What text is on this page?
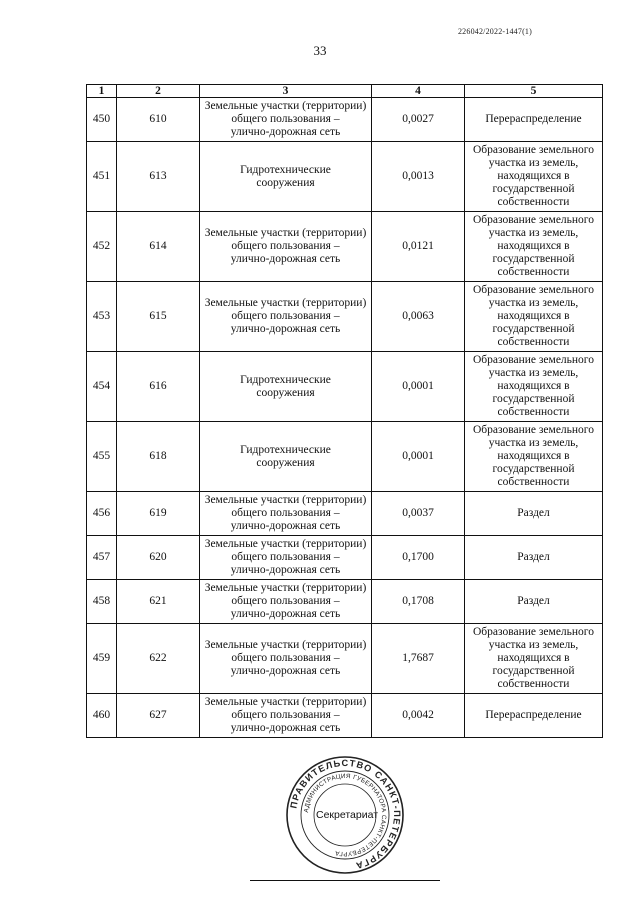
226042/2022-1447(1)
33
1	2	3	4	5
450	610	Земельные участки (территории)
общего пользования –
улично-дорожная сеть	0,0027	Перераспределение
451	613	Гидротехнические
сооружения	0,0013	Образование земельного
участка из земель,
находящихся в
государственной
собственности
452	614	Земельные участки (территории)
общего пользования –
улично-дорожная сеть	0,0121	Образование земельного
участка из земель,
находящихся в
государственной
собственности
453	615	Земельные участки (территории)
общего пользования –
улично-дорожная сеть	0,0063	Образование земельного
участка из земель,
находящихся в
государственной
собственности
454	616	Гидротехнические
сооружения	0,0001	Образование земельного
участка из земель,
находящихся в
государственной
собственности
455	618	Гидротехнические
сооружения	0,0001	Образование земельного
участка из земель,
находящихся в
государственной
собственности
456	619	Земельные участки (территории)
общего пользования –
улично-дорожная сеть	0,0037	Раздел
457	620	Земельные участки (территории)
общего пользования –
улично-дорожная сеть	0,1700	Раздел
458	621	Земельные участки (территории)
общего пользования –
улично-дорожная сеть	0,1708	Раздел
459	622	Земельные участки (территории)
общего пользования –
улично-дорожная сеть	1,7687	Образование земельного
участка из земель,
находящихся в
государственной
собственности
460	627	Земельные участки (территории)
общего пользования –
улично-дорожная сеть	0,0042	Перераспределение
ПРАВИТЕЛЬСТВО САНКТ-ПЕТЕРБУРГА
АДМИНИСТРАЦИЯ ГУБЕРНАТОРА САНКТ-ПЕТЕРБУРГА
Секретариат
